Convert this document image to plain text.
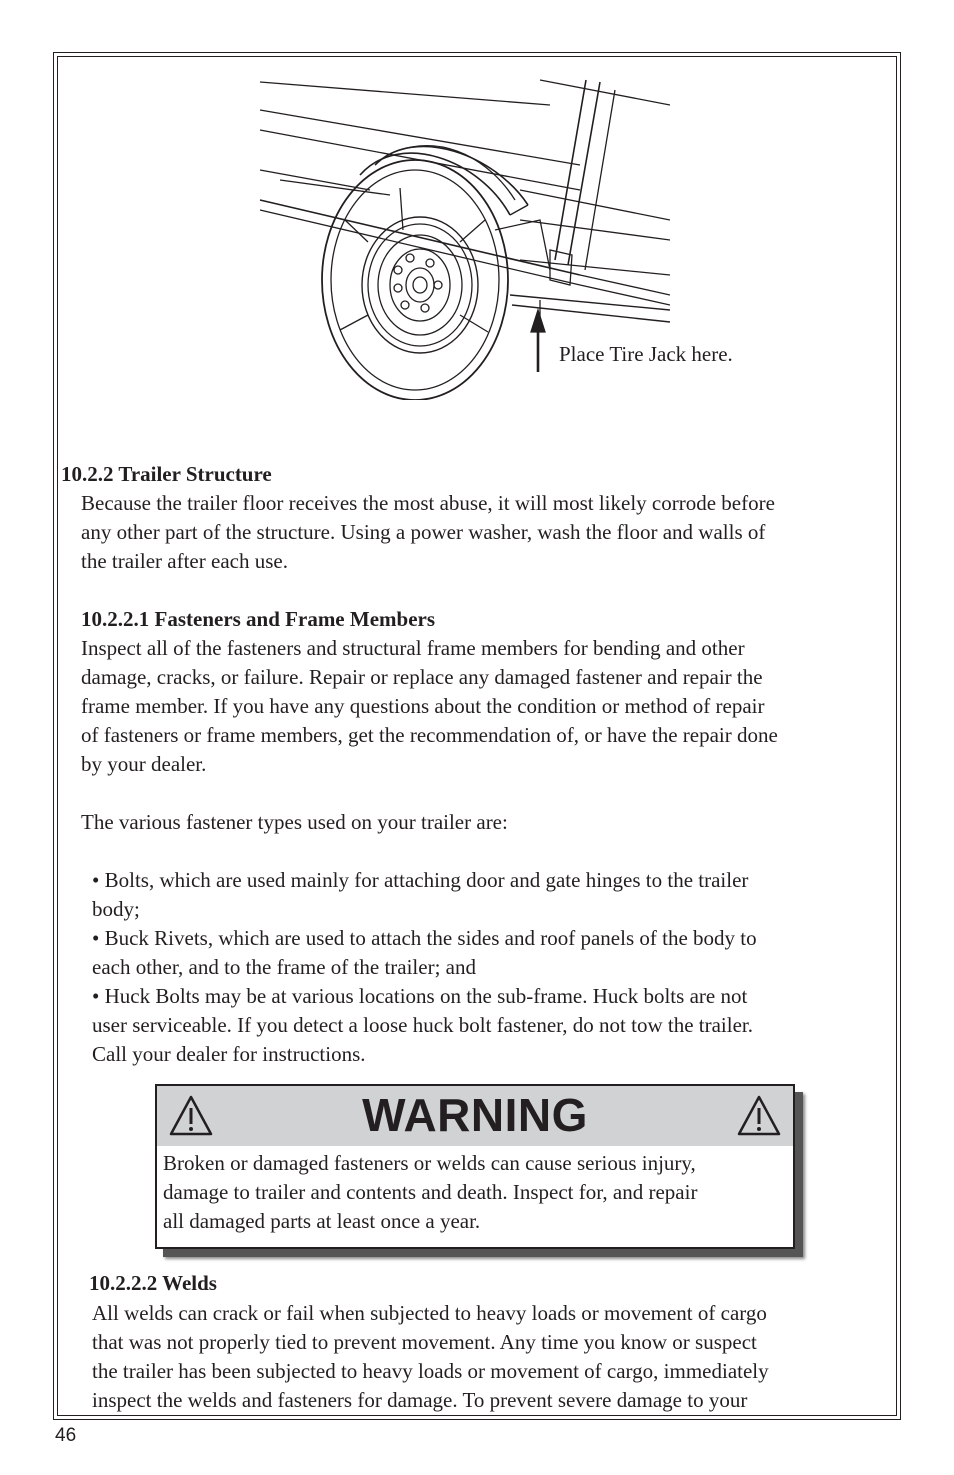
Place Tire Jack here.
10.2.2 Trailer Structure
Because the trailer floor receives the most abuse, it will most likely corrode before
any other part of the structure. Using a power washer, wash the floor and walls of
the trailer after each use.
10.2.2.1 Fasteners and Frame Members
Inspect all of the fasteners and structural frame members for bending and other
damage, cracks, or failure. Repair or replace any damaged fastener and repair the
frame member. If you have any questions about the condition or method of repair
of fasteners or frame members, get the recommendation of, or have the repair done
by your dealer.
The various fastener types used on your trailer are:
• Bolts, which are used mainly for attaching door and gate hinges to the trailer
body;
• Buck Rivets, which are used to attach the sides and roof panels of the body to
each other, and to the frame of the trailer; and
• Huck Bolts may be at various locations on the sub-frame. Huck bolts are not
user serviceable. If you detect a loose huck bolt fastener, do not tow the trailer.
Call your dealer for instructions.
WARNING
Broken or damaged fasteners or welds can cause serious injury,
damage to trailer and contents and death. Inspect for, and repair
all damaged parts at least once a year.
10.2.2.2 Welds
All welds can crack or fail when subjected to heavy loads or movement of cargo
that was not properly tied to prevent movement. Any time you know or suspect
the trailer has been subjected to heavy loads or movement of cargo, immediately
inspect the welds and fasteners for damage. To prevent severe damage to your
46
